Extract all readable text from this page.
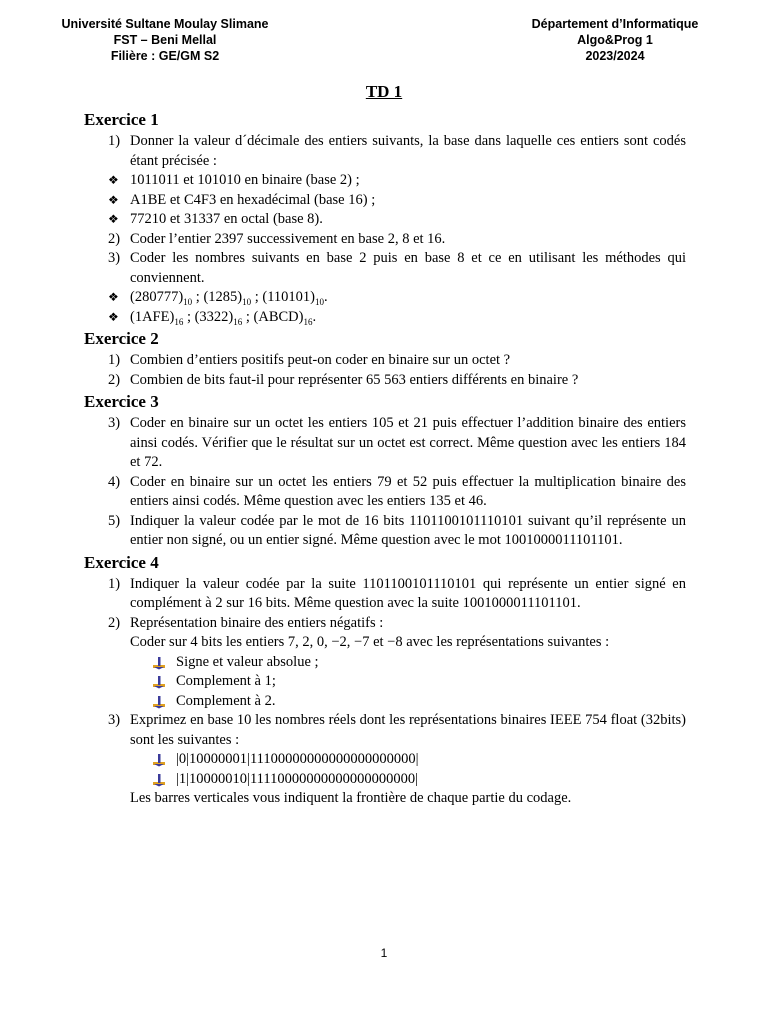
Université Sultane Moulay Slimane
FST – Beni Mellal
Filière : GE/GM S2
Département d’Informatique
Algo&Prog 1
2023/2024
TD 1
Exercice 1
1) Donner la valeur d´décimale des entiers suivants, la base dans laquelle ces entiers sont codés étant précisée :
❖ 1011011 et 101010 en binaire (base 2) ;
❖ A1BE et C4F3 en hexadécimal (base 16) ;
❖ 77210 et 31337 en octal (base 8).
2) Coder l’entier 2397 successivement en base 2, 8 et 16.
3) Coder les nombres suivants en base 2 puis en base 8 et ce en utilisant les méthodes qui conviennent.
❖ $(280777)_{10}$ ; $(1285)_{10}$ ; $(110101)_{10}$.
❖ $(1AFE)_{16}$ ; $(3322)_{16}$ ; $(ABCD)_{16}$.
Exercice 2
1) Combien d’entiers positifs peut-on coder en binaire sur un octet ?
2) Combien de bits faut-il pour représenter 65 563 entiers différents en binaire ?
Exercice 3
3) Coder en binaire sur un octet les entiers 105 et 21 puis effectuer l’addition binaire des entiers ainsi codés. Vérifier que le résultat sur un octet est correct. Même question avec les entiers 184 et 72.
4) Coder en binaire sur un octet les entiers 79 et 52 puis effectuer la multiplication binaire des entiers ainsi codés. Même question avec les entiers 135 et 46.
5) Indiquer la valeur codée par le mot de 16 bits 1101100101110101 suivant qu’il représente un entier non signé, ou un entier signé. Même question avec le mot 1001000011101101.
Exercice 4
1) Indiquer la valeur codée par la suite 1101100101110101 qui représente un entier signé en complément à 2 sur 16 bits. Même question avec la suite 1001000011101101.
2) Représentation binaire des entiers négatifs :
Coder sur 4 bits les entiers 7, 2, 0, −2, −7 et −8 avec les représentations suivantes :
Signe et valeur absolue ;
Complement à 1;
Complement à 2.
3) Exprimez en base 10 les nombres réels dont les représentations binaires IEEE 754 float (32bits) sont les suivantes :
|0|10000001|11100000000000000000000|
|1|10000010|11110000000000000000000|
Les barres verticales vous indiquent la frontière de chaque partie du codage.
1
